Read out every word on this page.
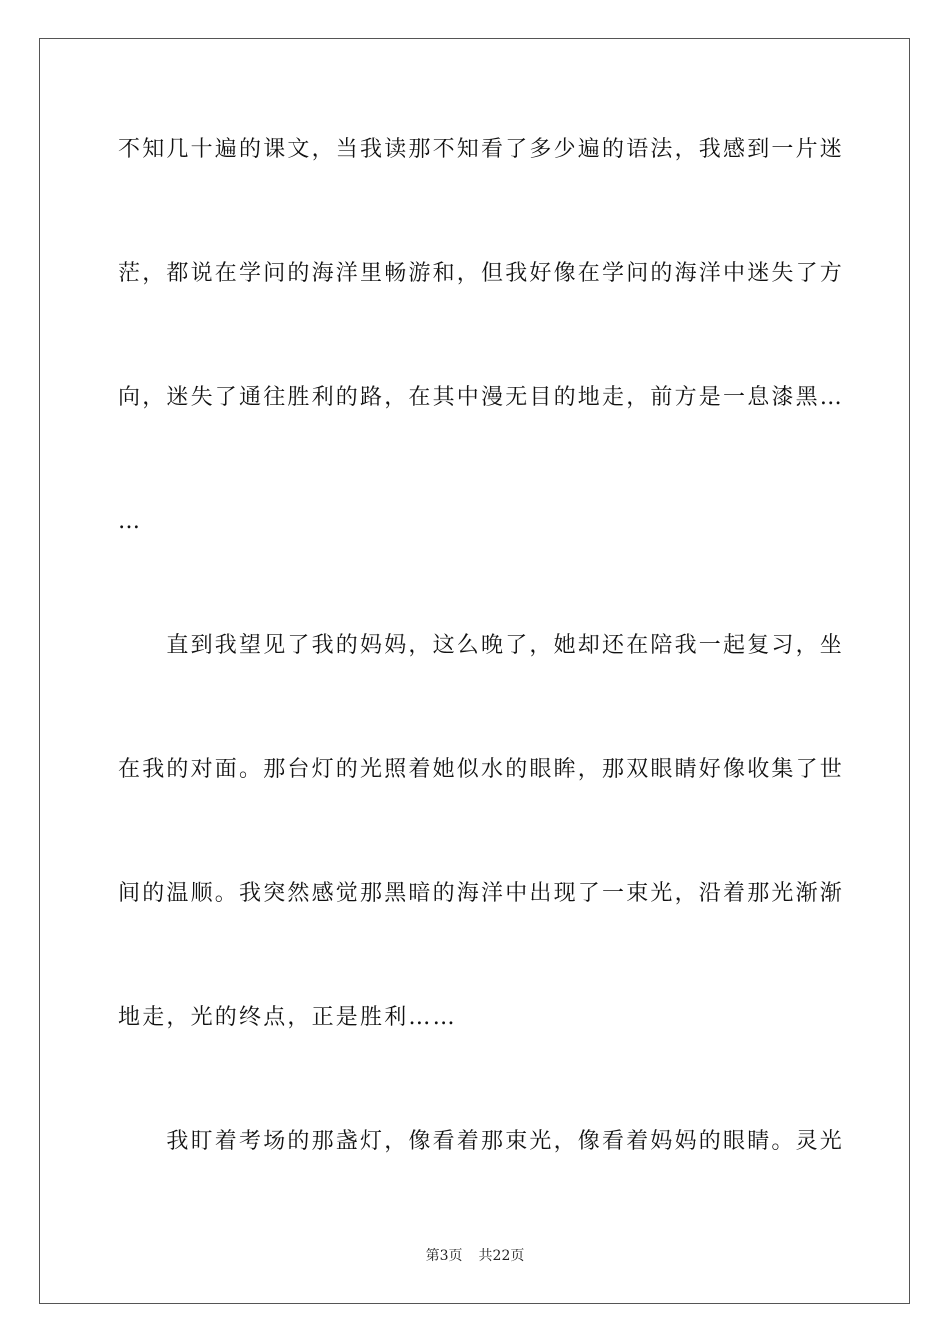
不知几十遍的课文，当我读那不知看了多少遍的语法，我感到一片迷
茫，都说在学问的海洋里畅游和，但我好像在学问的海洋中迷失了方
向，迷失了通往胜利的路，在其中漫无目的地走，前方是一息漆黑…
…
　　直到我望见了我的妈妈，这么晚了，她却还在陪我一起复习，坐
在我的对面。那台灯的光照着她似水的眼眸，那双眼睛好像收集了世
间的温顺。我突然感觉那黑暗的海洋中出现了一束光，沿着那光渐渐
地走，光的终点，正是胜利……
　　我盯着考场的那盏灯，像看着那束光，像看着妈妈的眼睛。灵光
第3页 共22页
